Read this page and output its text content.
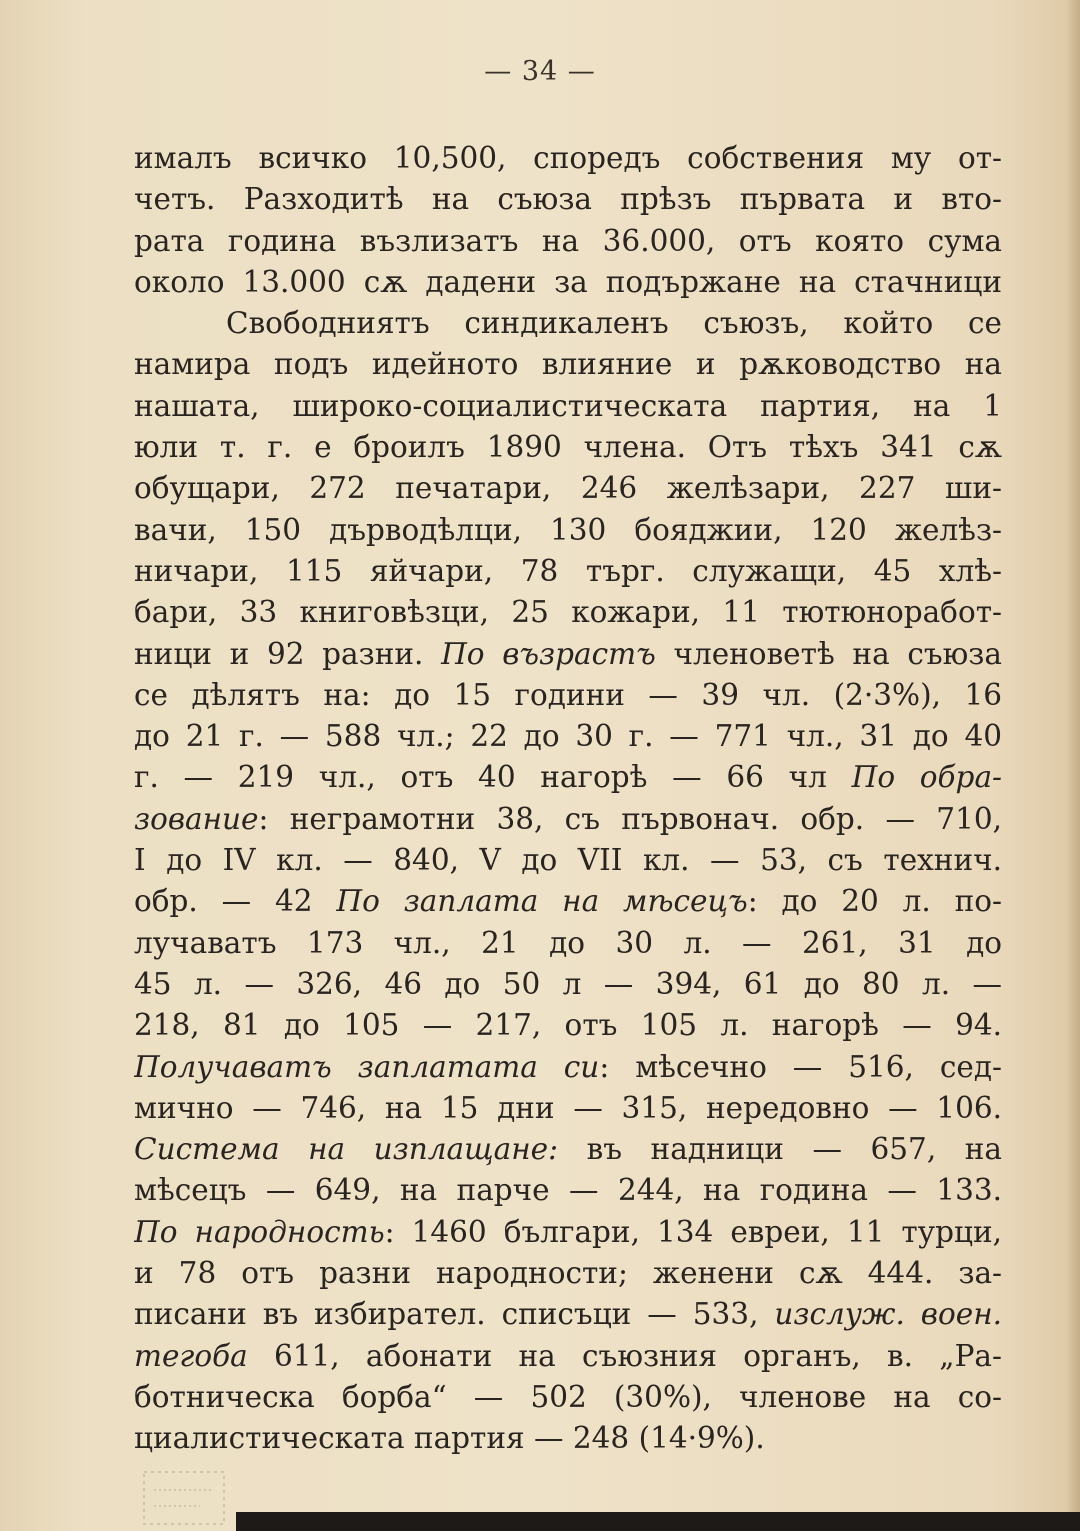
— 34 —
ималъ всичко 10,500, споредъ собствения му от-
четъ. Разходитѣ на съюза прѣзъ първата и вто-
рата година възлизатъ на 36.000, отъ която сума
около 13.000 сѫ дадени за подържане на стачници
Свободниятъ синдикаленъ съюзъ, който се
намира подъ идейното влияние и рѫководство на
нашата, широко-социалистическата партия, на 1
юли т. г. е броилъ 1890 члена. Отъ тѣхъ 341 сѫ
обущари, 272 печатари, 246 желѣзари, 227 ши-
вачи, 150 дърводѣлци, 130 бояджии, 120 желѣз-
ничари, 115 яйчари, 78 търг. служащи, 45 хлѣ-
бари, 33 книговѣзци, 25 кожари, 11 тютюноработ-
ници и 92 разни. По възрастъ членоветѣ на съюза
се дѣлятъ на: до 15 години — 39 чл. (2·3%), 16
до 21 г. — 588 чл.; 22 до 30 г. — 771 чл., 31 до 40
г. — 219 чл., отъ 40 нагорѣ — 66 чл По обра-
зование: неграмотни 38, съ първонач. обр. — 710,
I до IV кл. — 840, V до VII кл. — 53, съ технич.
обр. — 42 По заплата на мѣсецъ: до 20 л. по-
лучаватъ 173 чл., 21 до 30 л. — 261, 31 до
45 л. — 326, 46 до 50 л — 394, 61 до 80 л. —
218, 81 до 105 — 217, отъ 105 л. нагорѣ — 94.
Получаватъ заплатата си: мѣсечно — 516, сед-
мично — 746, на 15 дни — 315, нередовно — 106.
Система на изплащане: въ надници — 657, на
мѣсецъ — 649, на парче — 244, на година — 133.
По народность: 1460 българи, 134 евреи, 11 турци,
и 78 отъ разни народности; женени сѫ 444. за-
писани въ избирател. списъци — 533, изслуж. воен.
тегоба 611, абонати на съюзния органъ, в. „Ра-
ботническа борба“ — 502 (30%), членове на со-
циалистическата партия — 248 (14·9%).
